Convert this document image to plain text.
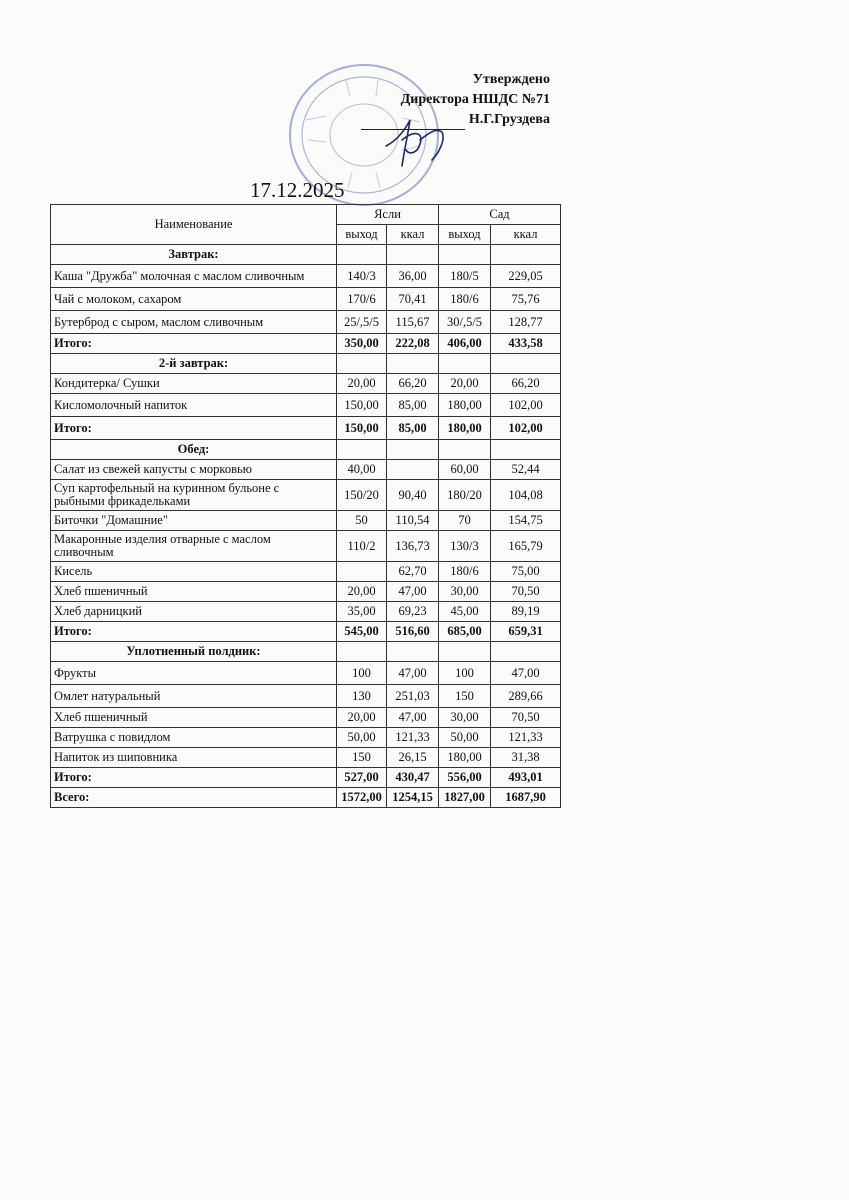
Утверждено
Директора НШДС №71
Н.Г.Груздева
17.12.2025
Наименование	Ясли		Сад	
	выход	ккал	выход	ккал
Завтрак:				
Каша "Дружба" молочная с маслом сливочным	140/3	36,00	180/5	229,05
Чай с молоком, сахаром	170/6	70,41	180/6	75,76
Бутерброд с сыром, маслом сливочным	25/,5/5	115,67	30/,5/5	128,77
Итого:	350,00	222,08	406,00	433,58
2-й завтрак:				
Кондитерка/ Сушки	20,00	66,20	20,00	66,20
Кисломолочный напиток	150,00	85,00	180,00	102,00
Итого:	150,00	85,00	180,00	102,00
Обед:				
Салат из свежей капусты с морковью	40,00		60,00	52,44
Суп картофельный на куринном бульоне с рыбными фрикадельками	150/20	90,40	180/20	104,08
Биточки "Домашние"	50	110,54	70	154,75
Макаронные изделия отварные с маслом сливочным	110/2	136,73	130/3	165,79
Кисель		62,70	180/6	75,00
Хлеб пшеничный	20,00	47,00	30,00	70,50
Хлеб дарницкий	35,00	69,23	45,00	89,19
Итого:	545,00	516,60	685,00	659,31
Уплотненный полдник:				
Фрукты	100	47,00	100	47,00
Омлет натуральный	130	251,03	150	289,66
Хлеб пшеничный	20,00	47,00	30,00	70,50
Ватрушка с повидлом	50,00	121,33	50,00	121,33
Напиток из шиповника	150	26,15	180,00	31,38
Итого:	527,00	430,47	556,00	493,01
Всего:	1572,00	1254,15	1827,00	1687,90
